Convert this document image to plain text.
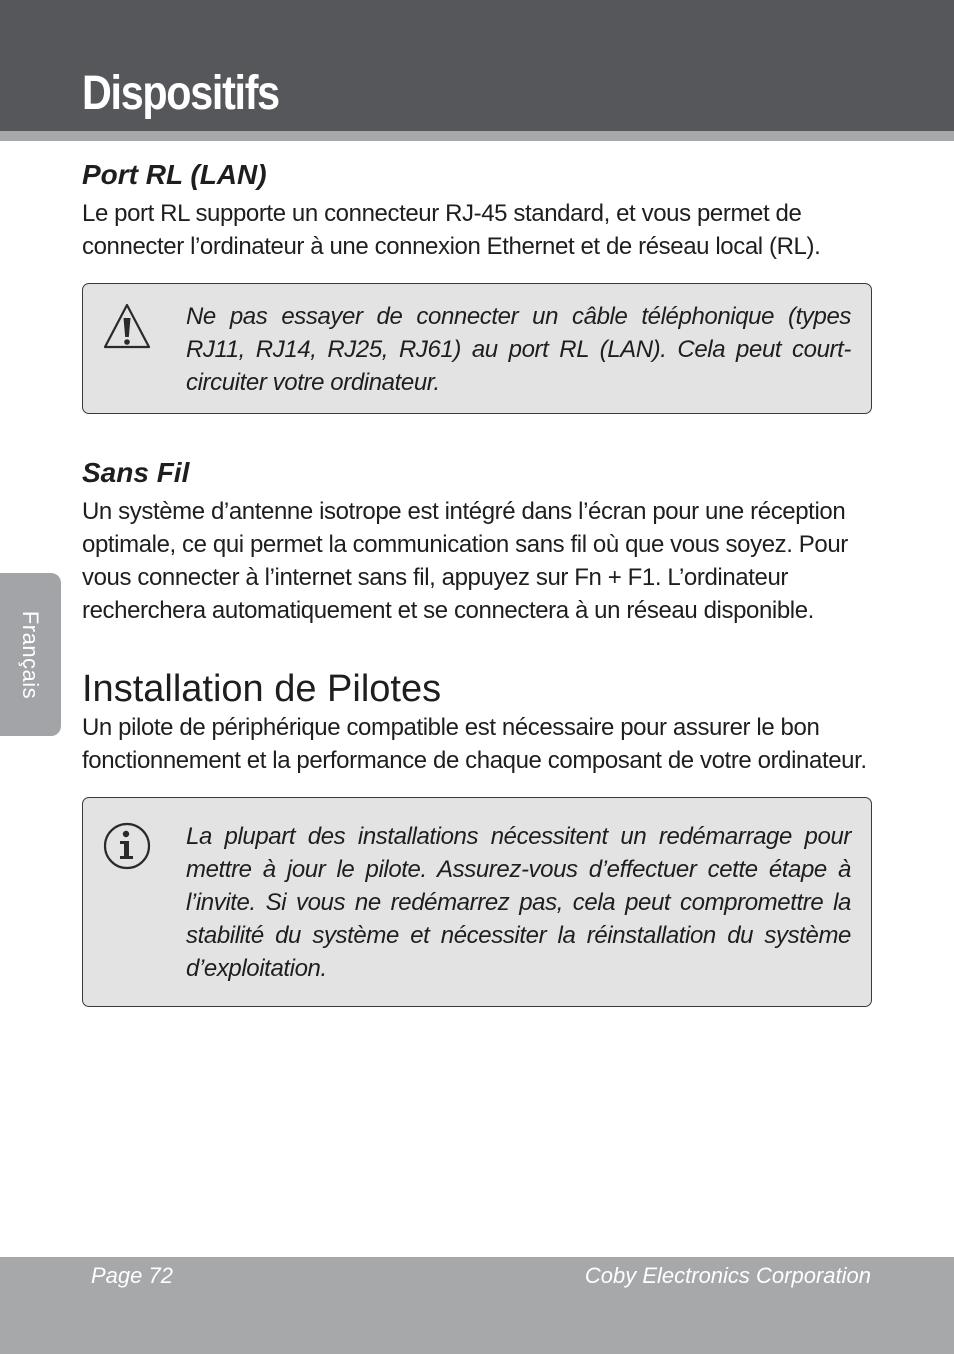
Dispositifs
Français
Port RL (LAN)

Le port RL supporte un connecteur RJ-45 standard, et vous permet de connecter l’ordinateur à une connexion Ethernet et de réseau local (RL).

Ne pas essayer de connecter un câble téléphonique (types RJ11, RJ14, RJ25, RJ61) au port RL (LAN). Cela peut court-circuiter votre ordinateur.

Sans Fil

Un système d’antenne isotrope est intégré dans l’écran pour une réception optimale, ce qui permet la communication sans fil où que vous soyez. Pour vous connecter à l’internet sans fil, appuyez sur Fn + F1. L’ordinateur recherchera automatiquement et se connectera à un réseau disponible.

Installation de Pilotes

Un pilote de périphérique compatible est nécessaire pour assurer le bon fonctionnement et la performance de chaque composant de votre ordinateur.

La plupart des installations nécessitent un redémarrage pour mettre à jour le pilote. Assurez-vous d’effectuer cette étape à l’invite. Si vous ne redémarrez pas, cela peut compromettre la stabilité du système et nécessiter la réinstallation du système d’exploitation.

Page 72	Coby Electronics Corporation
